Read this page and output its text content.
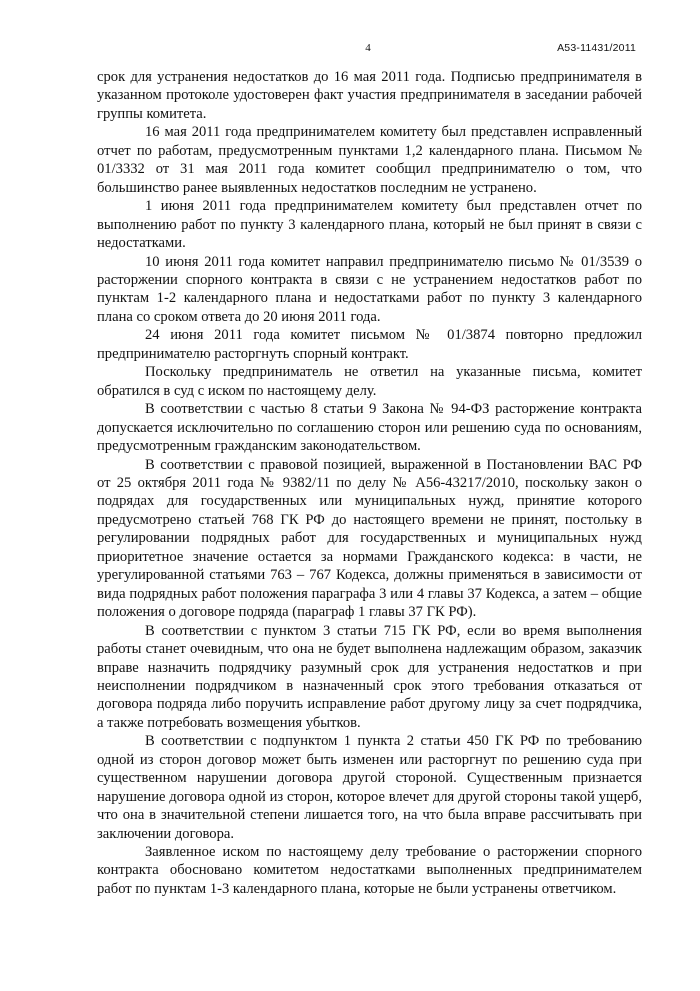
4	А53-11431/2011

срок для устранения недостатков до 16 мая 2011 года. Подписью предпринимателя в указанном протоколе удостоверен факт участия предпринимателя в заседании рабочей группы комитета.

16 мая 2011 года предпринимателем комитету был представлен исправленный отчет по работам, предусмотренным пунктами 1,2 календарного плана. Письмом № 01/3332 от 31 мая 2011 года комитет сообщил предпринимателю о том, что большинство ранее выявленных недостатков последним не устранено.

1 июня 2011 года предпринимателем комитету был представлен отчет по выполнению работ по пункту 3 календарного плана, который не был принят в связи с недостатками.

10 июня 2011 года комитет направил предпринимателю письмо № 01/3539 о расторжении спорного контракта в связи с не устранением недостатков работ по пунктам 1-2 календарного плана и недостатками работ по пункту 3 календарного плана со сроком ответа до 20 июня 2011 года.

24 июня 2011 года комитет письмом № 01/3874 повторно предложил предпринимателю расторгнуть спорный контракт.

Поскольку предприниматель не ответил на указанные письма, комитет обратился в суд с иском по настоящему делу.

В соответствии с частью 8 статьи 9 Закона № 94-ФЗ расторжение контракта допускается исключительно по соглашению сторон или решению суда по основаниям, предусмотренным гражданским законодательством.

В соответствии с правовой позицией, выраженной в Постановлении ВАС РФ от 25 октября 2011 года № 9382/11 по делу № А56-43217/2010, поскольку закон о подрядах для государственных или муниципальных нужд, принятие которого предусмотрено статьей 768 ГК РФ до настоящего времени не принят, постольку в регулировании подрядных работ для государственных и муниципальных нужд приоритетное значение остается за нормами Гражданского кодекса: в части, не урегулированной статьями 763 – 767 Кодекса, должны применяться в зависимости от вида подрядных работ положения параграфа 3 или 4 главы 37 Кодекса, а затем – общие положения о договоре подряда (параграф 1 главы 37 ГК РФ).

В соответствии с пунктом 3 статьи 715 ГК РФ, если во время выполнения работы станет очевидным, что она не будет выполнена надлежащим образом, заказчик вправе назначить подрядчику разумный срок для устранения недостатков и при неисполнении подрядчиком в назначенный срок этого требования отказаться от договора подряда либо поручить исправление работ другому лицу за счет подрядчика, а также потребовать возмещения убытков.

В соответствии с подпунктом 1 пункта 2 статьи 450 ГК РФ по требованию одной из сторон договор может быть изменен или расторгнут по решению суда при существенном нарушении договора другой стороной. Существенным признается нарушение договора одной из сторон, которое влечет для другой стороны такой ущерб, что она в значительной степени лишается того, на что была вправе рассчитывать при заключении договора.

Заявленное иском по настоящему делу требование о расторжении спорного контракта обосновано комитетом недостатками выполненных предпринимателем работ по пунктам 1-3 календарного плана, которые не были устранены ответчиком.
